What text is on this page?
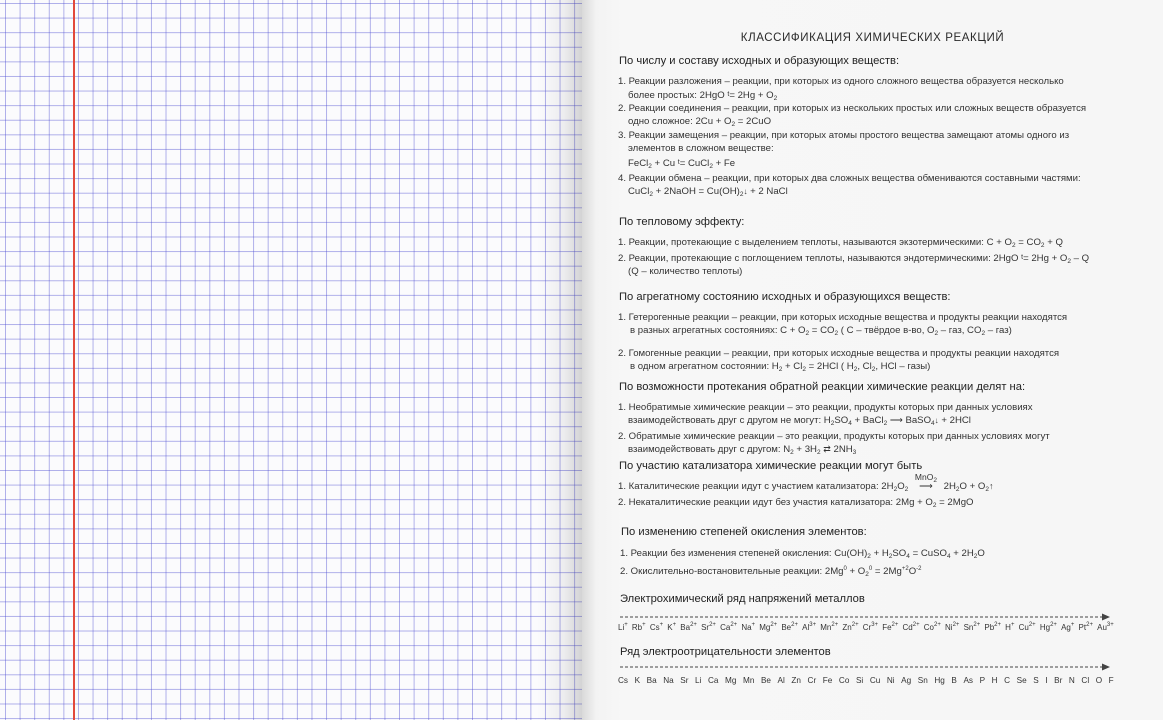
КЛАССИФИКАЦИЯ ХИМИЧЕСКИХ РЕАКЦИЙ
По числу и составу исходных и образующих веществ:
1. Реакции разложения – реакции, при которых из одного сложного вещества образуется несколько
более простых: 2HgO $^t= 2Hg + O_2$
2. Реакции соединения – реакции, при которых из нескольких простых или сложных веществ образуется
одно сложное: $2Cu + O_2 = 2CuO$
3. Реакции замещения – реакции, при которых атомы простого вещества замещают атомы одного из
элементов в сложном веществе:
FeCl$_2$ + Cu $^t$= CuCl$_2$ + Fe
4. Реакции обмена – реакции, при которых два сложных вещества обмениваются составными частями:
CuCl$_2$ + 2NaOH = $Cu(OH)_2↓ + 2$ NaCl
По тепловому эффекту:
1. Реакции, протекающие с выделением теплоты, называются экзотермическими: $C + O_2 = CO_2 + Q$
2. Реакции, протекающие с поглощением теплоты, называются эндотермическими: 2HgO $^t= 2Hg + O_2 - Q$
(Q – количество теплоты)
По агрегатному состоянию исходных и образующихся веществ:
1. Гетерогенные реакции – реакции, при которых исходные вещества и продукты реакции находятся
в разных агрегатных состояниях: $C + O_2 = CO_2$ ( C – твёрдое в-во, $O_2$ – газ, $CO_2 - газ$)
2. Гомогенные реакции – реакции, при которых исходные вещества и продукты реакции находятся
в одном агрегатном состоянии: $H_2 + Cl_2 = 2HCl$ ( $H_2$, $Cl_2$, HCl – газы)
По возможности протекания обратной реакции химические реакции делят на:
1. Необратимые химические реакции – это реакции, продукты которых при данных условиях
взаимодействовать друг с другом не могут: $H_2SO_4$ + BaCl$_2$ ⟶ BaSO$_4$↓ + 2HCl
2. Обратимые химические реакции – это реакции, продукты которых при данных условиях могут
взаимодействовать друг с другом: $N_2 + 3H_2$ ⇄ $2NH_3$
По участию катализатора химические реакции могут быть
1. Каталитические реакции идут с участием катализатора: $2H_2O_2$
MnO$_2$
⟶ $2H_2O$ + $O_2↑$
2. Некаталитические реакции идут без участия катализатора: $2Mg + O_2 = 2MgO$
По изменению степеней окисления элементов:
1. Реакции без изменения степеней окисления: $Cu(OH)_2 + H_2SO_4$ = CuSO$_4$ + $2H_2O$
2. Окислительно-востановительные реакции: $2Mg^0 + O_2^0 = 2Mg^{+2}O^{-2}$
Электрохимический ряд напряжений металлов
Li+ Rb+ Cs+ K+ $Ba^{2+}$ $Sr^{2+}$ $Ca^{2+}$ Na+ $Mg^{2+}$ $Be^{2+}$ $Al^{3+}$ $Mn^{2+}$ $Zn^{2+}$ $Cr^{3+}$ $Fe^{2+}$ $Cd^{2+}$ $Co^{2+}$ $Ni^{2+}$ $Sn^{2+}$ $Pb^{2+}$ H+ $Cu^{2+}$ $Hg^{2+}$ Ag+ $Pt^{2+}$ $Au^{3+}$
Ряд электроотрицательности элементов
Cs K Ba Na Sr Li Ca Mg Mn Be Al Zn Cr Fe Co Si Cu Ni Ag Sn Hg B As P H C Se S I Br N Cl O F
